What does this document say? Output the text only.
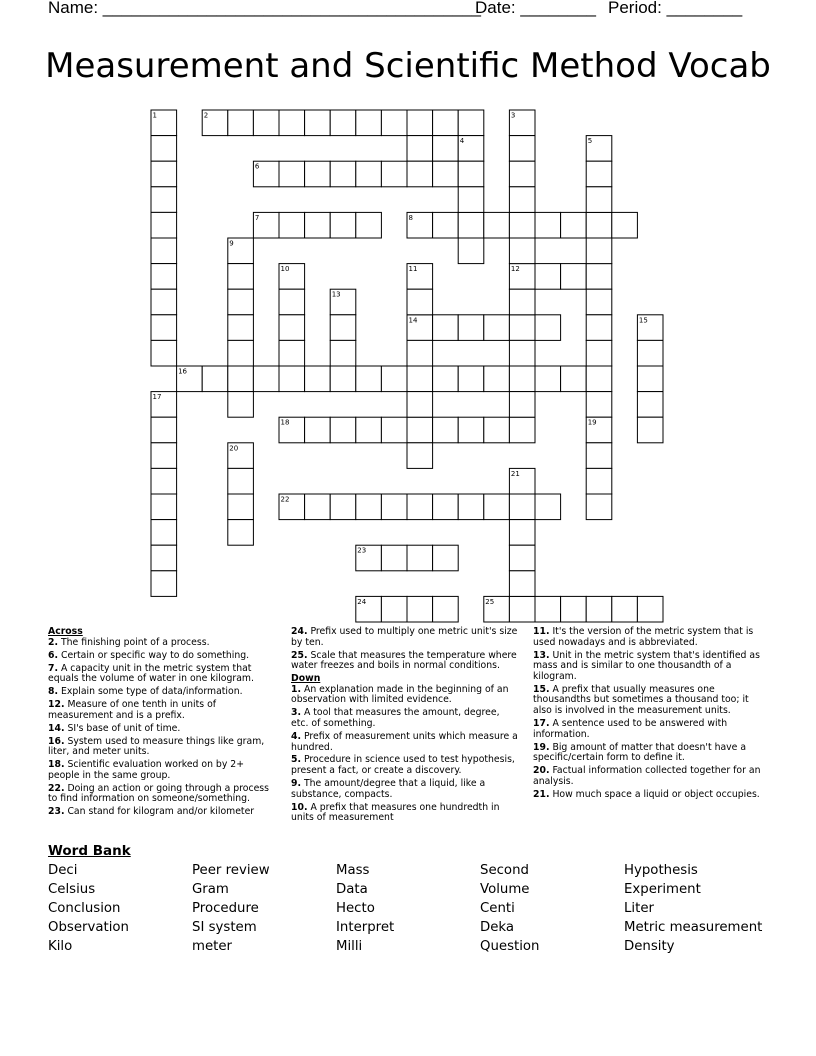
Name: ________________________________________
Date: ________ Period: ________
Measurement and Scientific Method Vocab
1	2	3
4	5
6
7	8
9
10	11	12
13
14	15
16
17
18	19
20
21
22
23
24	25
Across
2. The finishing point of a process.
6. Certain or specific way to do something.
7. A capacity unit in the metric system that equals the volume of water in one kilogram.
8. Explain some type of data/information.
12. Measure of one tenth in units of measurement and is a prefix.
14. SI's base of unit of time.
16. System used to measure things like gram, liter, and meter units.
18. Scientific evaluation worked on by 2+ people in the same group.
22. Doing an action or going through a process to find information on someone/something.
23. Can stand for kilogram and/or kilometer
24. Prefix used to multiply one metric unit's size by ten.
25. Scale that measures the temperature where water freezes and boils in normal conditions.
Down
1. An explanation made in the beginning of an observation with limited evidence.
3. A tool that measures the amount, degree, etc. of something.
4. Prefix of measurement units which measure a hundred.
5. Procedure in science used to test hypothesis, present a fact, or create a discovery.
9. The amount/degree that a liquid, like a substance, compacts.
10. A prefix that measures one hundredth in units of measurement
11. It's the version of the metric system that is used nowadays and is abbreviated.
13. Unit in the metric system that's identified as mass and is similar to one thousandth of a kilogram.
15. A prefix that usually measures one thousandths but sometimes a thousand too; it also is involved in the measurement units.
17. A sentence used to be answered with information.
19. Big amount of matter that doesn't have a specific/certain form to define it.
20. Factual information collected together for an analysis.
21. How much space a liquid or object occupies.
Word Bank
Deci	Peer review	Mass	Second	Hypothesis
Celsius	Gram	Data	Volume	Experiment
Conclusion	Procedure	Hecto	Centi	Liter
Observation	SI system	Interpret	Deka	Metric measurement
Kilo	meter	Milli	Question	Density
